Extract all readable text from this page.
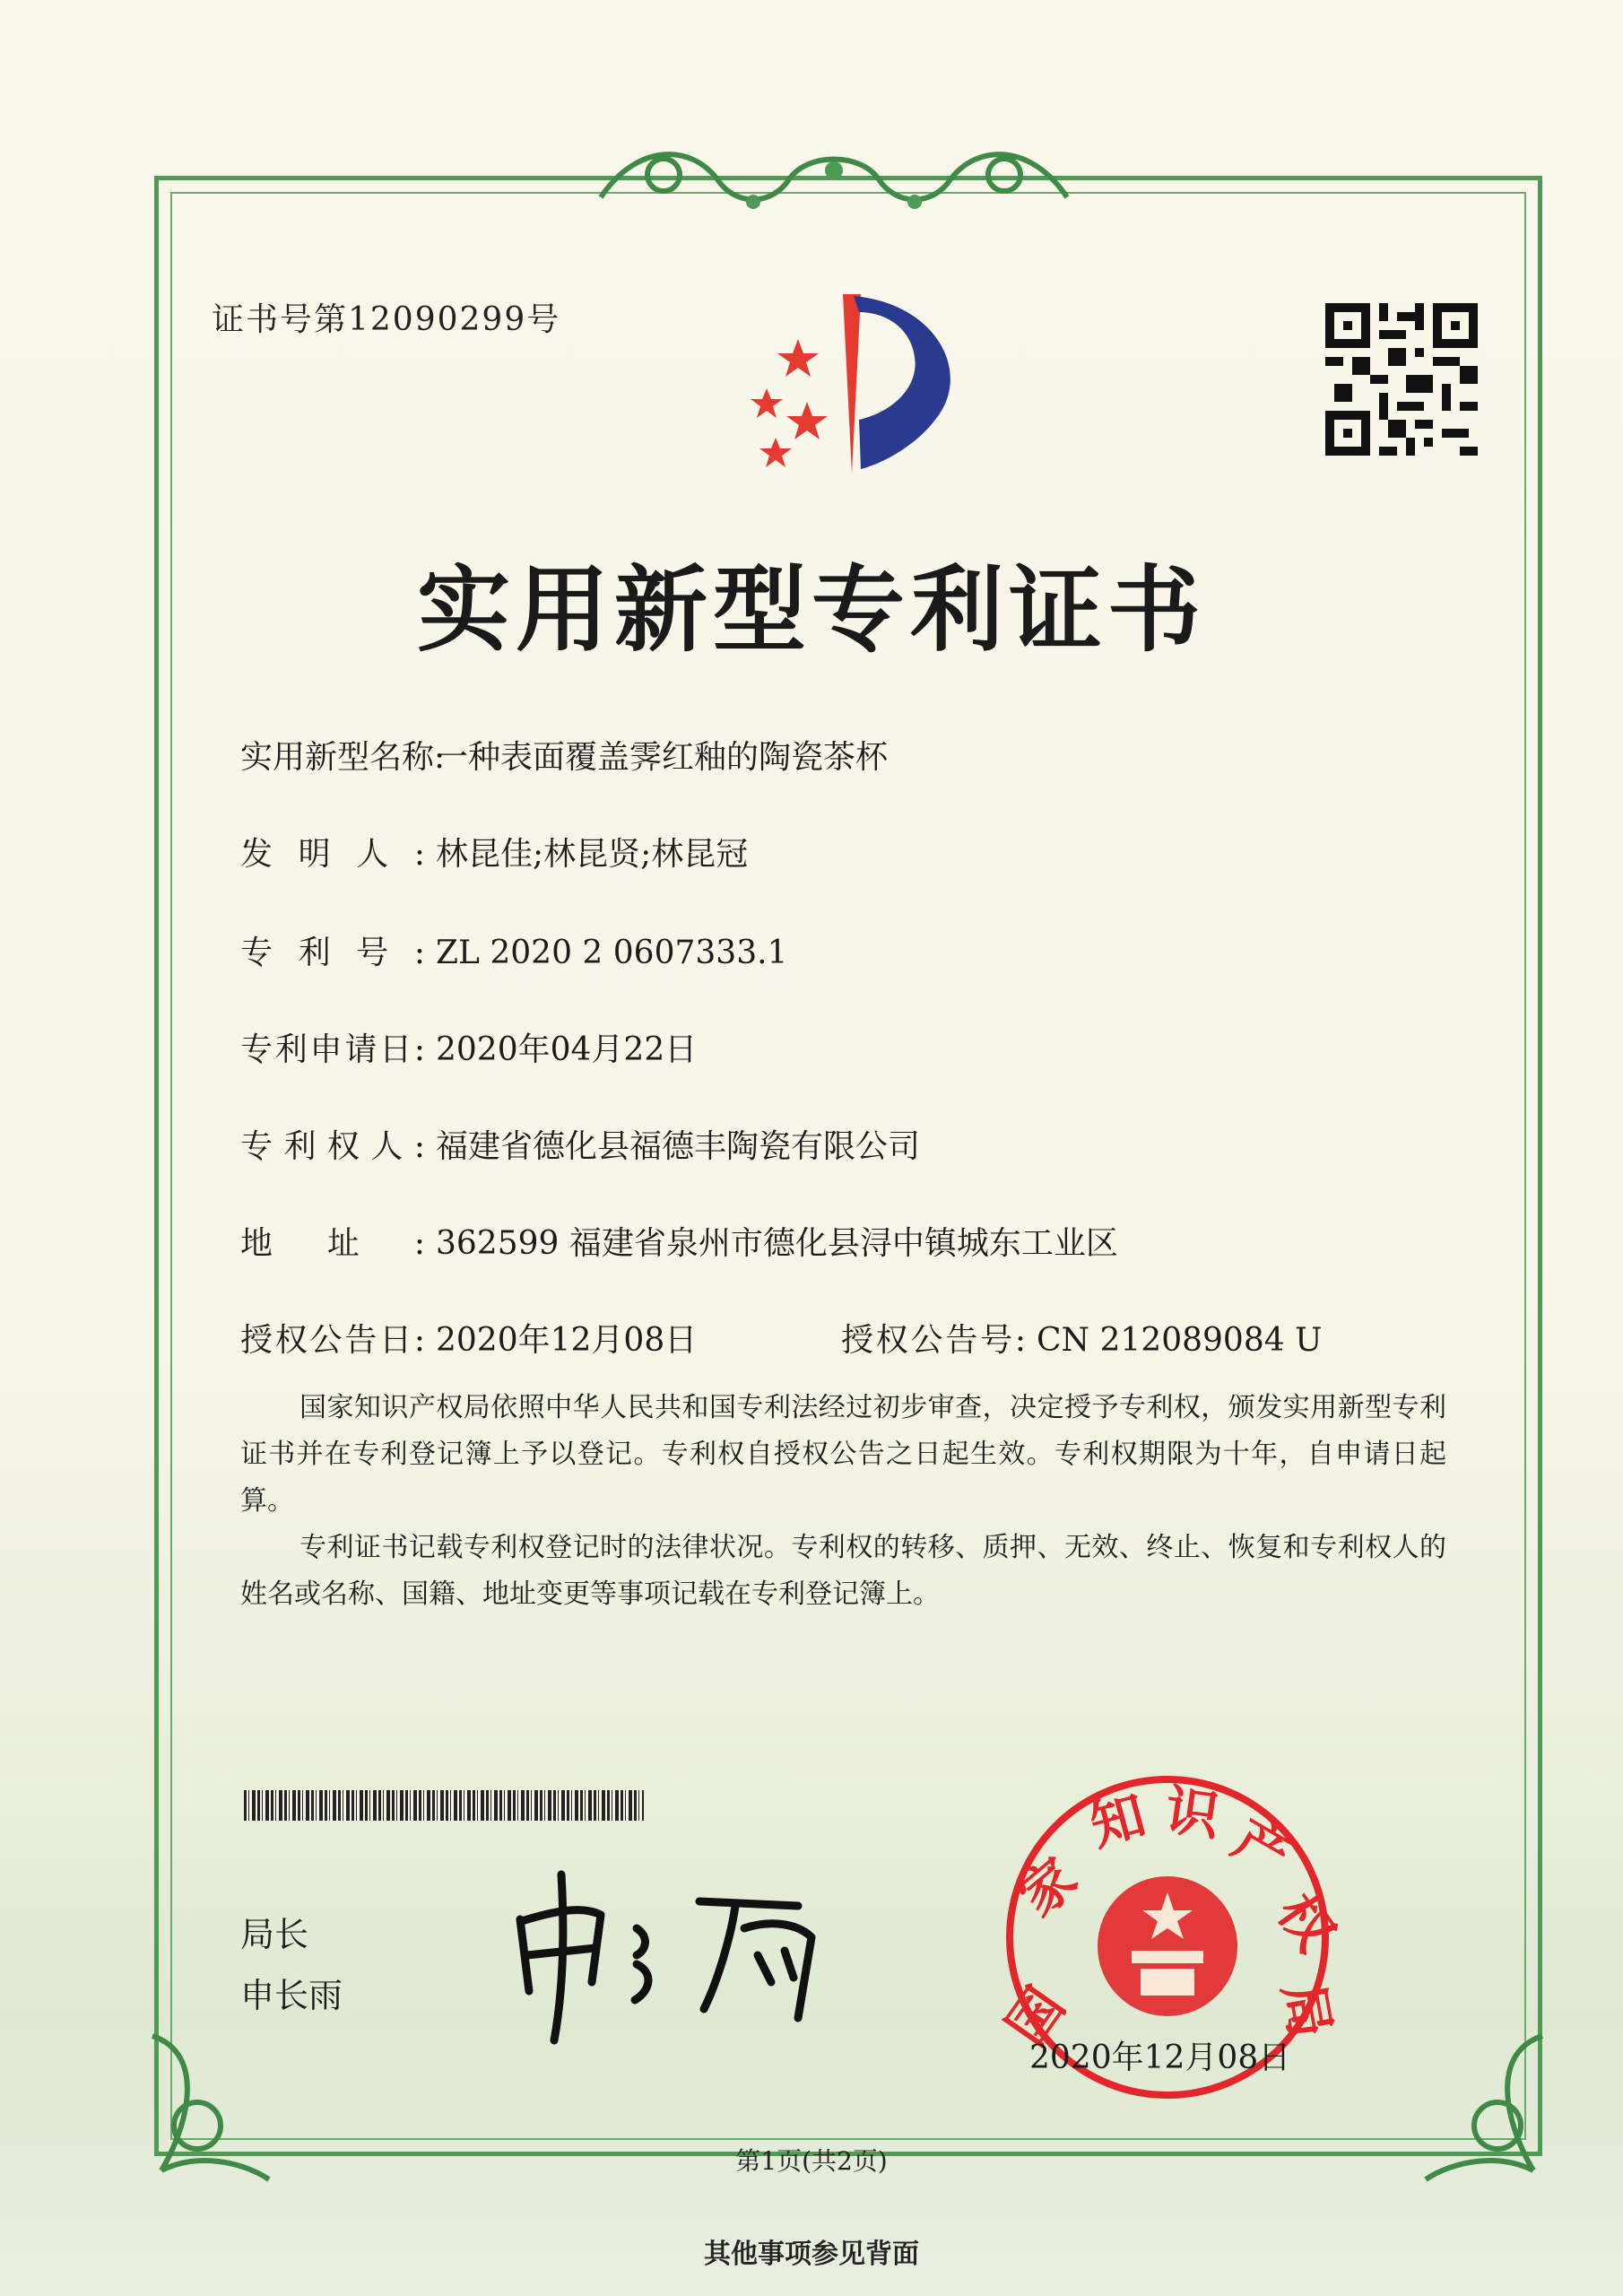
证书号第12090299号
实用新型专利证书
实用新型名称:一种表面覆盖霁红釉的陶瓷茶杯
发明人: 林昆佳;林昆贤;林昆冠
专利号: ZL 2020 2 0607333.1
专利申请日: 2020年04月22日
专利权人: 福建省德化县福德丰陶瓷有限公司
地址: 362599 福建省泉州市德化县浔中镇城东工业区
授权公告日: 2020年12月08日	授权公告号: CN 212089084 U
国家知识产权局依照中华人民共和国专利法经过初步审查，决定授予专利权，颁发实用新型专利证书并在专利登记簿上予以登记。专利权自授权公告之日起生效。专利权期限为十年，自申请日起算。
专利证书记载专利权登记时的法律状况。专利权的转移、质押、无效、终止、恢复和专利权人的姓名或名称、国籍、地址变更等事项记载在专利登记簿上。
局长
申长雨	国
家
知 识 产
权
局
2020年12月08日
第1页(共2页)
其他事项参见背面
